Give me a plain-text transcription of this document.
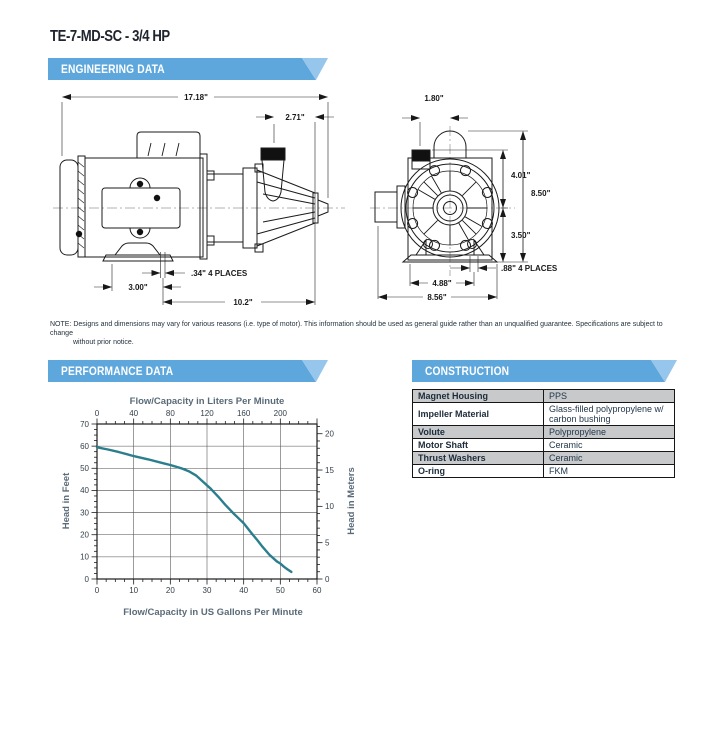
TE-7-MD-SC - 3/4 HP
ENGINEERING DATA
17.18"
2.71"
.34" 4 PLACES
3.00"
10.2"
1.80"
4.01"
8.50"
3.50"
.88" 4 PLACES
4.88"
8.56"
NOTE: Designs and dimensions may vary for various reasons (i.e. type of motor). This information should be used as general guide rather than an unqualified guarantee. Specifications are subject to change
without prior notice.
PERFORMANCE DATA
0	10	20	30	40	50	60
0	40	80	120	160	200
0
10
20
30
40
50
60
70
0
5
10
15
20
Flow/Capacity in Liters Per Minute
Flow/Capacity in US Gallons Per Minute
Head in Feet	Head in Meters
CONSTRUCTION
Magnet Housing	PPS
Impeller Material	Glass-filled polypropylene w/ carbon bushing
Volute	Polypropylene
Motor Shaft	Ceramic
Thrust Washers	Ceramic
O-ring	FKM
